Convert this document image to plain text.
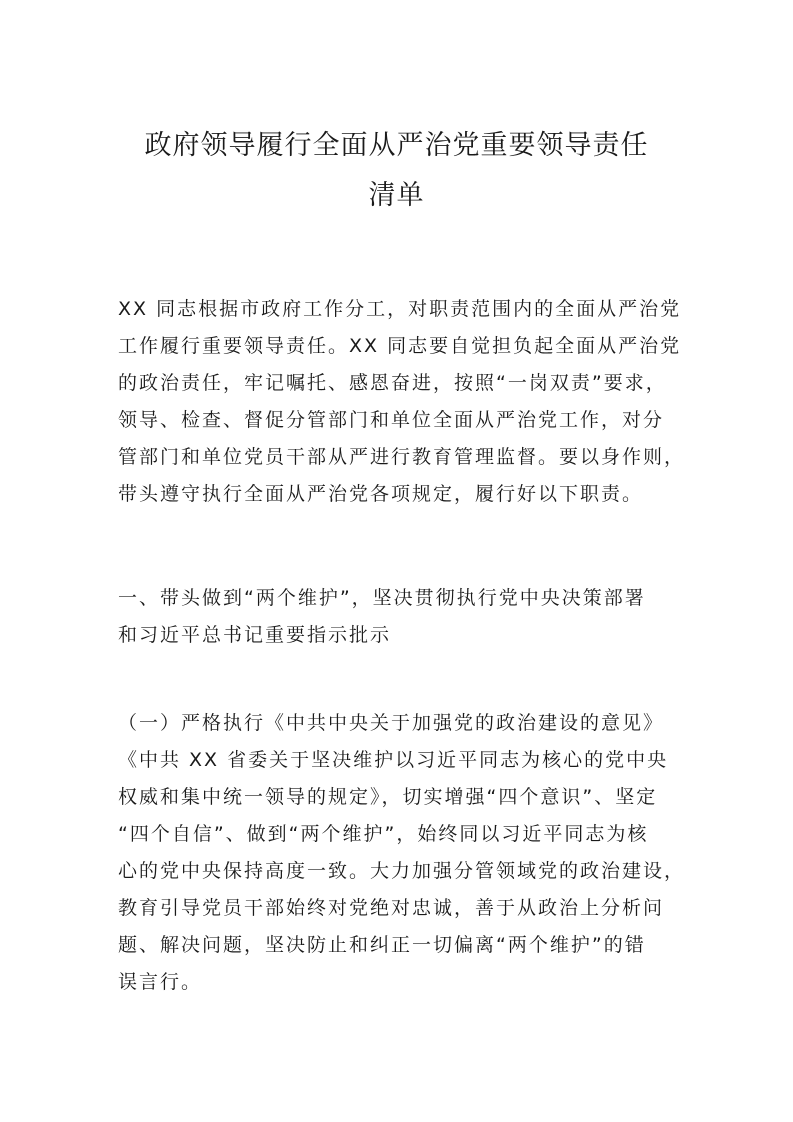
政府领导履行全面从严治党重要领导责任
清单
XX 同志根据市政府工作分工，对职责范围内的全面从严治党
工作履行重要领导责任。XX 同志要自觉担负起全面从严治党
的政治责任，牢记嘱托、感恩奋进，按照“一岗双责”要求，
领导、检查、督促分管部门和单位全面从严治党工作，对分
管部门和单位党员干部从严进行教育管理监督。要以身作则，
带头遵守执行全面从严治党各项规定，履行好以下职责。
一、带头做到“两个维护”，坚决贯彻执行党中央决策部署
和习近平总书记重要指示批示
（一）严格执行《中共中央关于加强党的政治建设的意见》
《中共 XX 省委关于坚决维护以习近平同志为核心的党中央
权威和集中统一领导的规定》，切实增强“四个意识”、坚定
“四个自信”、做到“两个维护”，始终同以习近平同志为核
心的党中央保持高度一致。大力加强分管领域党的政治建设，
教育引导党员干部始终对党绝对忠诚，善于从政治上分析问
题、解决问题，坚决防止和纠正一切偏离“两个维护”的错
误言行。
